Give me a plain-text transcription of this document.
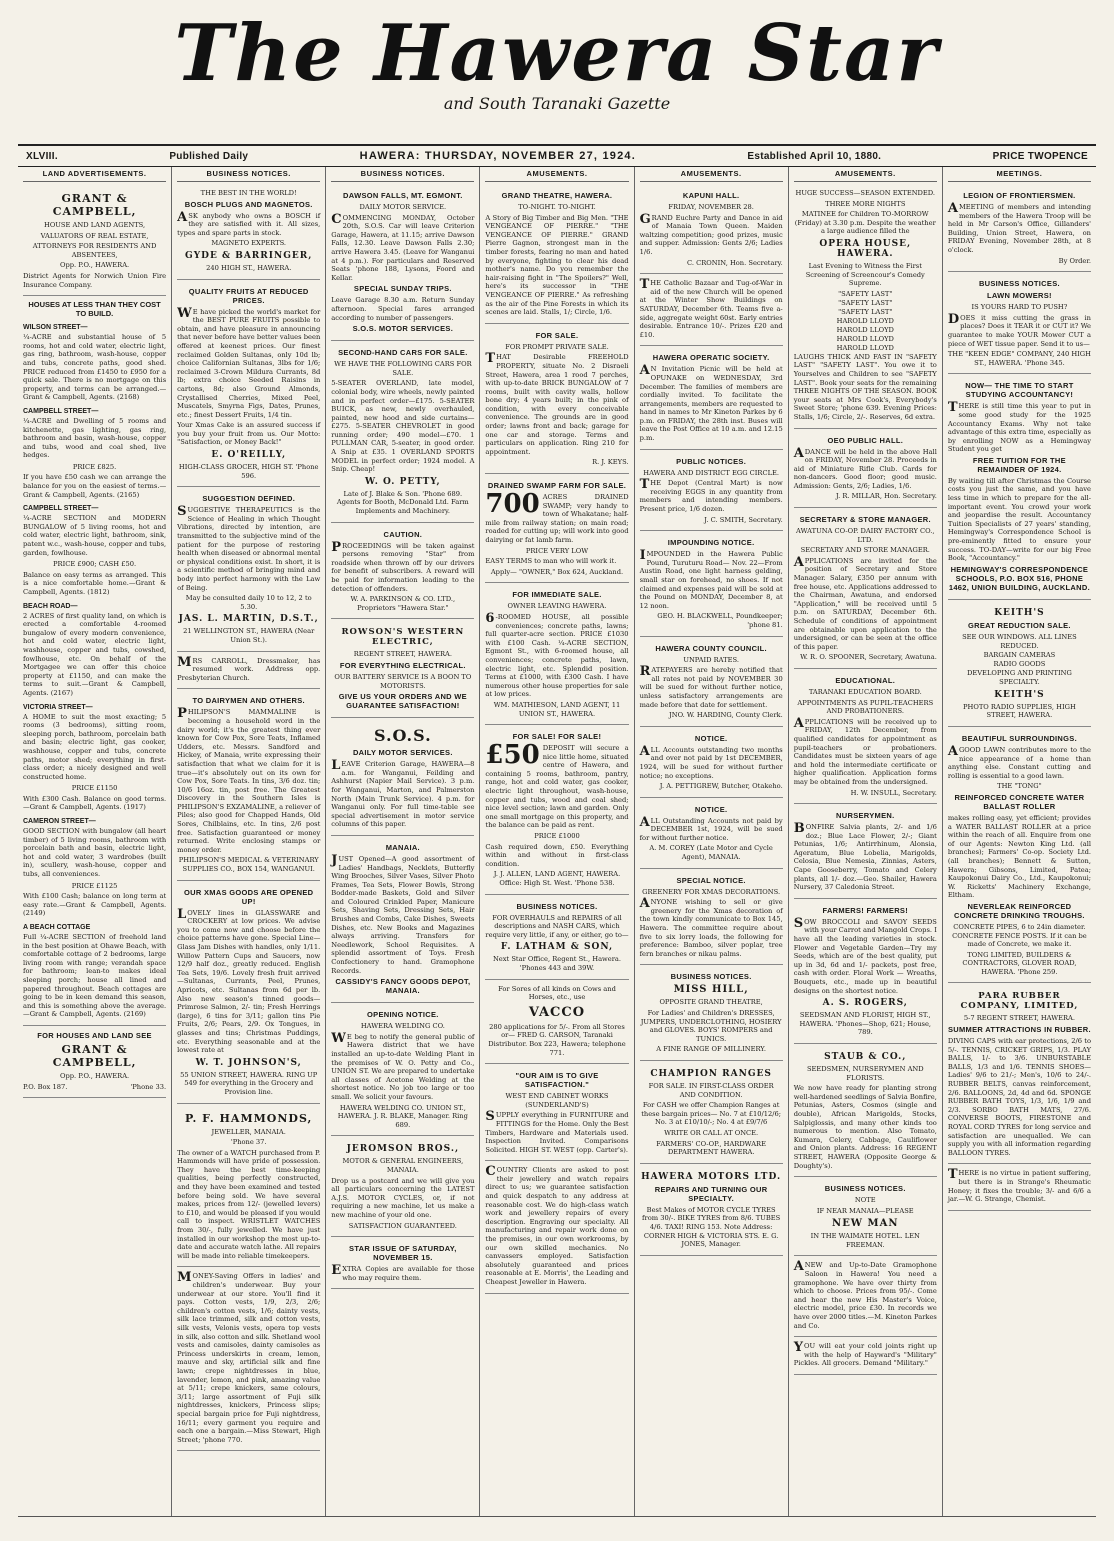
The Hawera Star
and South Taranaki Gazette
XLVIII.	Published Daily	HAWERA: THURSDAY, NOVEMBER 27, 1924.	Established April 10, 1880.	PRICE TWOPENCE
LAND ADVERTISEMENTS.
GRANT & CAMPBELL,

HOUSE AND LAND AGENTS,

VALUATORS OF REAL ESTATE,

ATTORNEYS FOR RESIDENTS AND ABSENTEES,

Opp. P.O., HAWERA.

District Agents for Norwich Union Fire Insurance Company.

HOUSES AT LESS THAN THEY COST TO BUILD.
WILSON STREET—

¼-ACRE and substantial house of 5 rooms, hot and cold water, electric light, gas ring, bathroom, wash-house, copper and tubs, concrete paths, good shed. PRICE reduced from £1450 to £950 for a quick sale. There is no mortgage on this property, and terms can be arranged.—Grant & Campbell, Agents. (2168)

CAMPBELL STREET—

¼-ACRE and Dwelling of 5 rooms and kitchenette, gas lighting, gas ring, bathroom and basin, wash-house, copper and tubs, wood and coal shed, live hedges.

PRICE £825.

If you have £50 cash we can arrange the balance for you on the easiest of terms.—Grant & Campbell, Agents. (2165)

CAMPBELL STREET—

¼-ACRE SECTION and MODERN BUNGALOW of 5 living rooms, hot and cold water, electric light, bathroom, sink, patent w.c., wash-house, copper and tubs, garden, fowlhouse.

PRICE £900; CASH £50.

Balance on easy terms as arranged. This is a nice comfortable home.—Grant & Campbell, Agents. (1812)

BEACH ROAD—

2 ACRES of first quality land, on which is erected a comfortable 4-roomed bungalow of every modern convenience, hot and cold water, electric light, washhouse, copper and tubs, cowshed, fowlhouse, etc. On behalf of the Mortgagee we can offer this choice property at £1150, and can make the terms to suit.—Grant & Campbell, Agents. (2167)

VICTORIA STREET—

A HOME to suit the most exacting; 5 rooms (3 bedrooms), sitting room, sleeping porch, bathroom, porcelain bath and basin; electric light, gas cooker, washhouse, copper and tubs, concrete paths, motor shed; everything in first-class order; a nicely designed and well constructed home.

PRICE £1150

With £300 Cash. Balance on good terms.—Grant & Campbell, Agents. (1917)

CAMERON STREET—

GOOD SECTION with bungalow (all heart timber) of 5 living rooms, bathroom with porcelain bath and basin, electric light, hot and cold water, 3 wardrobes (built in), scullery, wash-house, copper and tubs, all conveniences.

PRICE £1125

With £100 Cash; balance on long term at easy rate.—Grant & Campbell, Agents. (2149)

A BEACH COTTAGE

Full ¼-ACRE SECTION of freehold land in the best position at Ohawe Beach, with comfortable cottage of 2 bedrooms, large living room with range; verandah space for bathroom; lean-to makes ideal sleeping porch; house all lined and papered throughout. Beach cottages are going to be in keen demand this season, and this is something above the average.—Grant & Campbell, Agents. (2169)

FOR HOUSES AND LAND SEE
GRANT & CAMPBELL,

Opp. P.O., HAWERA.

P.O. Box 187.	'Phone 33.

BUSINESS NOTICES.

THE BEST IN THE WORLD!

BOSCH PLUGS AND MAGNETOS.

ASK anybody who owns a BOSCH if they are satisfied with it. All sizes, types and spare parts in stock.

MAGNETO EXPERTS.

GYDE & BARRINGER,

240 HIGH ST., HAWERA.

QUALITY FRUITS AT REDUCED PRICES.

WE have picked the world's market for the BEST PURE FRUITS possible to obtain, and have pleasure in announcing that never before have better values been offered at keenest prices. Our finest reclaimed Golden Sultanas, only 10d lb; choice Californian Sultanas, 3lbs for 1/6; reclaimed 3-Crown Mildura Currants, 8d lb; extra choice Seeded Raisins in cartons, 8d; also Ground Almonds, Crystallised Cherries, Mixed Peel, Muscatels, Smyrna Figs, Dates, Prunes, etc.; finest Dessert Fruits, 1/4 tin.

Your Xmas Cake is an assured success if you buy your fruit from us. Our Motto: "Satisfaction, or Money Back!"

E. O'REILLY,

HIGH-CLASS GROCER, HIGH ST. 'Phone 596.

SUGGESTION DEFINED.

SUGGESTIVE THERAPEUTICS is the Science of Healing in which Thought Vibrations, directed by intention, are transmitted to the subjective mind of the patient for the purpose of restoring health when diseased or abnormal mental or physical conditions exist. In short, it is a scientific method of bringing mind and body into perfect harmony with the Law of Being.

May be consulted daily 10 to 12, 2 to 5.30.

JAS. L. MARTIN, D.S.T.,

21 WELLINGTON ST., HAWERA (Near Union St.).

MRS CARROLL, Dressmaker, has resumed work. Address opp. Presbyterian Church.

TO DAIRYMEN AND OTHERS.

PHILIPSON'S MAMMALINE is becoming a household word in the dairy world; it's the greatest thing ever known for Cow Pox, Sore Teats, Inflamed Udders, etc. Messrs. Sandford and Hickey, of Manaia, write expressing their satisfaction that what we claim for it is true—it's absolutely out on its own for Cow Pox, Sore Teats. In tins, 3/6 doz. tin; 10/6 16oz. tin, post free. The Greatest Discovery in the Southern Isles is PHILIPSON'S EXZAMALINE, a reliever of Piles; also good for Chapped Hands, Old Sores, Chilblains, etc. In tins, 2/6 post free. Satisfaction guaranteed or money returned. Write enclosing stamps or money order.

PHILIPSON'S MEDICAL & VETERINARY SUPPLIES CO., BOX 154, WANGANUI.

OUR XMAS GOODS ARE OPENED UP!

LOVELY lines in GLASSWARE and CROCKERY at low prices. We advise you to come now and choose before the choice patterns have gone. Special Line—Glass Jam Dishes with handles, only 1/11. Willow Pattern Cups and Saucers, now 12/9 half doz., greatly reduced. English Tea Sets, 19/6. Lovely fresh fruit arrived—Sultanas, Currants, Peel, Prunes, Apricots, etc. Sultanas from 6d per lb. Also new season's tinned goods—Primrose Salmon, 2/- tin; Fresh Herrings (large), 6 tins for 3/11; gallon tins Pie Fruits, 2/6; Pears, 2/9. Ox Tongues, in glasses and tins; Christmas Puddings, etc. Everything seasonable and at the lowest rate at

W. T. JOHNSON'S,

55 UNION STREET, HAWERA. RING UP 549 for everything in the Grocery and Provision line.

P. F. HAMMONDS,

JEWELLER, MANAIA.

'Phone 37.

The owner of a WATCH purchased from P. Hammonds will have pride of possession. They have the best time-keeping qualities, being perfectly constructed, and they have been examined and tested before being sold. We have several makes, prices from 12/- (jewelled levers) to £10, and would be pleased if you would call to inspect. WRISTLET WATCHES from 30/-, fully jewelled. We have just installed in our workshop the most up-to-date and accurate watch lathe. All repairs will be made into reliable timekeepers.

MONEY-Saving Offers in ladies' and children's underwear. Buy your underwear at our store. You'll find it pays. Cotton vests, 1/9, 2/3, 2/6; children's cotton vests, 1/6; dainty vests, silk lace trimmed, silk and cotton vests, silk vests, Velonis vests, opera top vests in silk, also cotton and silk. Shetland wool vests and camisoles, dainty camisoles as Princess underskirts in cream, lemon, mauve and sky, artificial silk and fine lawn; crepe nightdresses in blue, lavender, lemon, and pink, amazing value at 5/11; crepe knickers, same colours, 3/11; large assortment of Fuji silk nightdresses, knickers, Princess slips; special bargain price for Fuji nightdress, 16/11; every garment you require and each one a bargain.—Miss Stewart, High Street; 'phone 770.

BUSINESS NOTICES.
DAWSON FALLS, MT. EGMONT.

DAILY MOTOR SERVICE.

COMMENCING MONDAY, October 20th, S.O.S. Car will leave Criterion Garage, Hawera, at 11.15; arrive Dawson Falls, 12.30. Leave Dawson Falls 2.30; arrive Hawera 3.45. (Leave for Wanganui at 4 p.m.). For particulars and Reserved Seats 'phone 188, Lysons, Foord and Kellar.

SPECIAL SUNDAY TRIPS.

Leave Garage 8.30 a.m. Return Sunday afternoon. Special fares arranged according to number of passengers.

S.O.S. MOTOR SERVICES.
SECOND-HAND CARS FOR SALE.

WE HAVE THE FOLLOWING CARS FOR SALE.

5-SEATER OVERLAND, late model, colonial body, wire wheels, newly painted and in perfect order—£175. 5-SEATER BUICK, as new, newly overhauled, painted, new hood and side curtains—£275. 5-SEATER CHEVROLET in good running order; 490 model—£70. 1 PULLMAN CAR, 5-seater, in good order. A Snip at £35. 1 OVERLAND SPORTS MODEL in perfect order; 1924 model. A Snip. Cheap!

W. O. PETTY,

Late of J. Blake & Son. 'Phone 689. Agents for Booth, McDonald Ltd. Farm Implements and Machinery.

CAUTION.

PROCEEDINGS will be taken against persons removing "Star" from roadside when thrown off by our drivers for benefit of subscribers. A reward will be paid for information leading to the detection of offenders.

W. A. PARKINSON & CO. LTD., Proprietors "Hawera Star."

ROWSON'S WESTERN ELECTRIC,

REGENT STREET, HAWERA.

FOR EVERYTHING ELECTRICAL.

OUR BATTERY SERVICE IS A BOON TO MOTORISTS.

GIVE US YOUR ORDERS AND WE GUARANTEE SATISFACTION!
S.O.S.
DAILY MOTOR SERVICES.

LEAVE Criterion Garage, HAWERA—8 a.m. for Wanganui, Feilding and Ashhurst (Napier Mail Service). 3 p.m. for Wanganui, Marton, and Palmerston North (Main Trunk Service). 4 p.m. for Wanganui only. For full time-table see special advertisement in motor service columns of this paper.

MANAIA.

JUST Opened—A good assortment of Ladies' Handbags, Necklets, Butterfly Wing Brooches, Silver Vases, Silver Photo Frames, Tea Sets, Flower Bowls, Strong Bodder-made Baskets, Gold and Silver and Coloured Crinkled Paper, Manicure Sets, Shaving Sets, Dressing Sets, Hair Brushes and Combs, Cake Dishes, Sweets Dishes, etc. New Books and Magazines always arriving. Transfers for Needlework, School Requisites. A splendid assortment of Toys. Fresh Confectionery to hand. Gramophone Records.

CASSIDY'S FANCY GOODS DEPOT, MANAIA.
OPENING NOTICE.

HAWERA WELDING CO.

WE beg to notify the general public of Hawera district that we have installed an up-to-date Welding Plant in the premises of W. O. Petty and Co., UNION ST. We are prepared to undertake all classes of Acetone Welding at the shortest notice. No job too large or too small. We solicit your favours.

HAWERA WELDING CO. UNION ST., HAWERA. J. R. BLAKE, Manager. Ring 689.

JEROMSON BROS.,

MOTOR & GENERAL ENGINEERS, MANAIA.

Drop us a postcard and we will give you all particulars concerning the LATEST A.J.S. MOTOR CYCLES, or, if not requiring a new machine, let us make a new machine of your old one.

SATISFACTION GUARANTEED.

STAR ISSUE OF SATURDAY, NOVEMBER 15.

EXTRA Copies are available for those who may require them.

AMUSEMENTS.
GRAND THEATRE, HAWERA.

TO-NIGHT. TO-NIGHT.

A Story of Big Timber and Big Men. "THE VENGEANCE OF PIERRE." "THE VENGEANCE OF PIERRE." GRAND Pierre Gagnon, strongest man in the timber forests, fearing no man and hated by everyone, fighting to clear his dead mother's name. Do you remember the hair-raising fight in "The Spoilers?" Well, here's its successor in "THE VENGEANCE OF PIERRE." As refreshing as the air of the Pine Forests in which its scenes are laid. Stalls, 1/; Circle, 1/6.

FOR SALE.

FOR PROMPT PRIVATE SALE.

THAT Desirable FREEHOLD PROPERTY, situate No. 2 Disraeli Street, Hawera, area 1 rood 7 perches, with up-to-date BRICK BUNGALOW of 7 rooms, built with cavity walls, hollow bone dry; 4 years built; in the pink of condition, with every conceivable convenience. The grounds are in good order; lawns front and back; garage for one car and storage. Terms and particulars on application. Ring 210 for appointment.

R. J. KEYS.

DRAINED SWAMP FARM FOR SALE.

700 ACRES DRAINED SWAMP; very handy to town of Whakatane; half-mile from railway station; on main road; roaded for cutting up; will work into good dairying or fat lamb farm.

PRICE VERY LOW

EASY TERMS to man who will work it.

Apply— "OWNER," Box 624, Auckland.

FOR IMMEDIATE SALE.

OWNER LEAVING HAWERA.

6-ROOMED HOUSE, all possible conveniences; concrete paths, lawns; full quarter-acre section. PRICE £1030 with £100 Cash. ¼-ACRE SECTION, Egmont St., with 6-roomed house, all conveniences; concrete paths, lawn, electric light, etc. Splendid position. Terms at £1000, with £300 Cash. I have numerous other house properties for sale at low prices.

WM. MATHIESON, LAND AGENT, 11 UNION ST., HAWERA.

FOR SALE! FOR SALE!

£50 DEPOSIT will secure a nice little home, situated centre of Hawera, and containing 5 rooms, bathroom, pantry, range, hot and cold water, gas cooker, electric light throughout, wash-house, copper and tubs, wood and coal shed; nice level section; lawn and garden. Only one small mortgage on this property, and the balance can be paid as rent.

PRICE £1000

Cash required down, £50. Everything within and without in first-class condition.

J. J. ALLEN, LAND AGENT, HAWERA. Office: High St. West. 'Phone 538.

BUSINESS NOTICES.

FOR OVERHAULS and REPAIRS of all descriptions and NASH CARS, which require very little, if any, or either, go to—

F. LATHAM & SON,

Next Star Office, Regent St., Hawera. 'Phones 443 and 39W.

For Sores of all kinds on Cows and Horses, etc., use

VACCO

280 applications for 5/-. From all Stores or— FRED G. CARSON, Taranaki Distributor. Box 223, Hawera; telephone 771.

"OUR AIM IS TO GIVE SATISFACTION."

WEST END CABINET WORKS (SUNDERLAND'S)

SUPPLY everything in FURNITURE and FITTINGS for the Home. Only the Best Timbers, Hardware and Materials used. Inspection Invited. Comparisons Solicited. HIGH ST. WEST (opp. Carter's).

COUNTRY Clients are asked to post their jewellery and watch repairs direct to us; we guarantee satisfaction and quick despatch to any address at reasonable cost. We do high-class watch work and jewellery repairs of every description. Engraving our specialty. All manufacturing and repair work done on the premises, in our own workrooms, by our own skilled mechanics. No canvassers employed. Satisfaction absolutely guaranteed and prices reasonable at E. Morris', the Leading and Cheapest Jeweller in Hawera.

AMUSEMENTS.
KAPUNI HALL.

FRIDAY, NOVEMBER 28.

GRAND Euchre Party and Dance in aid of Manaia Town Queen. Maiden waltzing competition; good prizes, music and supper. Admission: Gents 2/6; Ladies 1/6.

C. CRONIN, Hon. Secretary.

THE Catholic Bazaar and Tug-of-War in aid of the new Church will be opened at the Winter Show Buildings on SATURDAY, December 6th. Teams five a-side, aggregate weight 60st. Early entries desirable. Entrance 10/-. Prizes £20 and £10.

HAWERA OPERATIC SOCIETY.

AN Invitation Picnic will be held at OPUNAKE on WEDNESDAY, 3rd December. The families of members are cordially invited. To facilitate the arrangements, members are requested to hand in names to Mr Kineton Parkes by 6 p.m. on FRIDAY, the 28th inst. Buses will leave the Post Office at 10 a.m. and 12.15 p.m.

PUBLIC NOTICES.

HAWERA AND DISTRICT EGG CIRCLE.

THE Depot (Central Mart) is now receiving EGGS in any quantity from members and intending members. Present price, 1/6 dozen.

J. C. SMITH, Secretary.

IMPOUNDING NOTICE.

IMPOUNDED in the Hawera Public Pound, Turuturu Road— Nov. 22—From Austin Road, one light harness gelding, small star on forehead, no shoes. If not claimed and expenses paid will be sold at the Pound on MONDAY, December 8, at 12 noon.

GEO. H. BLACKWELL, Poundkeeper; 'phone 81.

HAWERA COUNTY COUNCIL.

UNPAID RATES.

RATEPAYERS are hereby notified that all rates not paid by NOVEMBER 30 will be sued for without further notice, unless satisfactory arrangements are made before that date for settlement.

JNO. W. HARDING, County Clerk.

NOTICE.

ALL Accounts outstanding two months and over not paid by 1st DECEMBER, 1924, will be sued for without further notice; no exceptions.

J. A. PETTIGREW, Butcher, Otakeho.

NOTICE.

ALL Outstanding Accounts not paid by DECEMBER 1st, 1924, will be sued for without further notice.

A. M. COREY (Late Motor and Cycle Agent), MANAIA.

SPECIAL NOTICE.

GREENERY FOR XMAS DECORATIONS.

ANYONE wishing to sell or give greenery for the Xmas decoration of the town kindly communicate to Box 145, Hawera. The committee require about five to six lorry loads, the following for preference: Bamboo, silver poplar, tree fern branches or nikau palms.

BUSINESS NOTICES.
MISS HILL,

OPPOSITE GRAND THEATRE,

For Ladies' and Children's DRESSES, JUMPERS, UNDERCLOTHING, HOSIERY and GLOVES. BOYS' ROMPERS and TUNICS.

A FINE RANGE OF MILLINERY.

CHAMPION RANGES

FOR SALE. IN FIRST-CLASS ORDER AND CONDITION.

For CASH we offer Champion Ranges at these bargain prices— No. 7 at £10/12/6; No. 3 at £10/10/-; No. 4 at £9/7/6

WRITE OR CALL AT ONCE.

FARMERS' CO-OP., HARDWARE DEPARTMENT HAWERA.

HAWERA MOTORS LTD.
REPAIRS AND TURNING OUR SPECIALTY.

Best Makes of MOTOR CYCLE TYRES from 30/-. BIKE TYRES from 8/6. TUBES 4/6. TAXI! RING 153. Note Address: CORNER HIGH & VICTORIA STS. E. G. JONES, Manager.

AMUSEMENTS.

HUGE SUCCESS—SEASON EXTENDED.

THREE MORE NIGHTS

MATINEE for Children TO-MORROW (Friday) at 3.30 p.m. Despite the weather a large audience filled the

OPERA HOUSE, HAWERA.

Last Evening to Witness the First Screening of Screencour's Comedy Supreme.

"SAFETY LAST"
"SAFETY LAST"
"SAFETY LAST"
HAROLD LLOYD
HAROLD LLOYD
HAROLD LLOYD
HAROLD LLOYD

LAUGHS THICK AND FAST IN "SAFETY LAST" "SAFETY LAST". You owe it to Yourselves and Children to see "SAFETY LAST". Book your seats for the remaining THREE NIGHTS OF THE SEASON. BOOK your seats at Mrs Cook's, Everybody's Sweet Store; 'phone 639. Evening Prices: Stalls, 1/6; Circle, 2/-. Reserves, 6d extra.

OEO PUBLIC HALL.

ADANCE will be held in the above Hall on FRIDAY, November 28. Proceeds in aid of Miniature Rifle Club. Cards for non-dancers. Good floor; good music. Admission: Gents, 2/6; Ladies, 1/6.

J. R. MILLAR, Hon. Secretary.

SECRETARY & STORE MANAGER.

AWATUNA CO-OP. DAIRY FACTORY CO., LTD.

SECRETARY AND STORE MANAGER.

APPLICATIONS are invited for the position of Secretary and Store Manager. Salary, £350 per annum with free house, etc. Applications addressed to the Chairman, Awatuna, and endorsed "Application," will be received until 5 p.m. on SATURDAY, December 6th. Schedule of conditions of appointment are obtainable upon application to the undersigned, or can be seen at the office of this paper.

W. R. O. SPOONER, Secretary, Awatuna.

EDUCATIONAL.

TARANAKI EDUCATION BOARD.

APPOINTMENTS AS PUPIL-TEACHERS AND PROBATIONERS.

APPLICATIONS will be received up to FRIDAY, 12th December, from qualified candidates for appointment as pupil-teachers or probationers. Candidates must be sixteen years of age and hold the intermediate certificate or higher qualification. Application forms may be obtained from the undersigned.

H. W. INSULL, Secretary.

NURSERYMEN.

BONFIRE Salvia plants, 2/- and 1/6 doz.; Blue Lace Flower, 2/-; Giant Petunias, 1/6; Antirrhinum, Alonsia, Ageratum, Blue Lobelia, Marigolds, Celosia, Blue Nemesia, Zinnias, Asters, Cape Gooseberry, Tomato and Celery plants, all 1/- doz.—Geo. Shailer, Hawera Nursery, 37 Caledonia Street.

FARMERS! FARMERS!

SOW BROCCOLI and SAVOY SEEDS with your Carrot and Mangold Crops. I have all the leading varieties in stock. Flower and Vegetable Garden—Try my Seeds, which are of the best quality, put up in 3d, 6d and 1/- packets, post free, cash with order. Floral Work — Wreaths, Bouquets, etc., made up in beautiful designs on the shortest notice.

A. S. ROGERS,

SEEDSMAN AND FLORIST, HIGH ST., HAWERA. 'Phones—Shop, 621; House, 789.

STAUB & CO.,

SEEDSMEN, NURSERYMEN AND FLORISTS.

We now have ready for planting strong well-hardened seedlings of Salvia Bonfire, Petunias, Asters, Cosmos (single and double), African Marigolds, Stocks, Salpiglossis, and many other kinds too numerous to mention. Also Tomato, Kumara, Celery, Cabbage, Cauliflower and Onion plants. Address: 16 REGENT STREET, HAWERA (Opposite George & Doughty's).

BUSINESS NOTICES.

NOTE

IF NEAR MANAIA—PLEASE

NEW MAN

IN THE WAIMATE HOTEL. LEN FREEMAN.

ANEW and Up-to-Date Gramophone Saloon in Hawera! You need a gramophone. We have over thirty from which to choose. Prices from 95/-. Come and hear the new His Master's Voice, electric model, price £30. In records we have over 2000 titles.—M. Kineton Parkes and Co.

YOU will eat your cold joints right up with the help of Hayward's "Military" Pickles. All grocers. Demand "Military."

MEETINGS.
LEGION OF FRONTIERSMEN.

AMEETING of members and intending members of the Hawera Troop will be held in Mr Carson's Office, Gillanders' Building, Union Street, Hawera, on FRIDAY Evening, November 28th, at 8 o'clock.

By Order.

BUSINESS NOTICES.
LAWN MOWERS!

IS YOURS HARD TO PUSH?

DOES it miss cutting the grass in places? Does it TEAR it or CUT it? We guarantee to make YOUR Mower CUT a piece of WET tissue paper. Send it to us—

THE "KEEN EDGE" COMPANY, 240 HIGH ST., HAWERA. 'Phone 345.

NOW— THE TIME TO START STUDYING ACCOUNTANCY!

THERE is still time this year to put in some good study for the 1925 Accountancy Exams. Why not take advantage of this extra time, especially as by enrolling NOW as a Hemingway Student you get

FREE TUITION FOR THE REMAINDER OF 1924.

By waiting till after Christmas the Course costs you just the same, and you have less time in which to prepare for the all-important event. You crowd your work and jeopardise the result. Accountancy Tuition Specialists of 27 years' standing, Hemingway's Correspondence School is pre-eminently fitted to ensure your success. TO-DAY—write for our big Free Book, "Accountancy."

HEMINGWAY'S CORRESPONDENCE SCHOOLS, P.O. BOX 516, PHONE 1462, UNION BUILDING, AUCKLAND.
KEITH'S
GREAT REDUCTION SALE.
SEE OUR WINDOWS. ALL LINES
REDUCED.
BARGAIN CAMERAS
RADIO GOODS
DEVELOPING AND PRINTING
SPECIALTY.
KEITH'S

PHOTO RADIO SUPPLIES, HIGH STREET, HAWERA.

BEAUTIFUL SURROUNDINGS.

AGOOD LAWN contributes more to the nice appearance of a home than anything else. Constant cutting and rolling is essential to a good lawn.

THE "TONG"

REINFORCED CONCRETE WATER BALLAST ROLLER

makes rolling easy, yet efficient; provides a WATER BALLAST ROLLER at a price within the reach of all. Enquire from one of our Agents: Newton King Ltd. (all branches); Farmers' Co-op. Society Ltd. (all branches); Bennett & Sutton, Hawera; Gibsons, Limited, Patea; Kaupokonui Dairy Co., Ltd., Kaupokonui; W. Ricketts' Machinery Exchange, Eltham.

NEVERLEAK REINFORCED CONCRETE DRINKING TROUGHS.

CONCRETE PIPES, 6 to 24in diameter. CONCRETE FENCE POSTS. If it can be made of Concrete, we make it.

TONG LIMITED, BUILDERS & CONTRACTORS, GLOVER ROAD, HAWERA. 'Phone 259.

PARA RUBBER COMPANY, LIMITED,

5-7 REGENT STREET, HAWERA.

SUMMER ATTRACTIONS IN RUBBER.

DIVING CAPS with ear protections, 2/6 to 5/-. TENNIS, CRICKET GRIPS, 1/3. PLAY BALLS, 1/- to 3/6. UNBURSTABLE BALLS, 1/3 and 1/6. TENNIS SHOES—Ladies' 9/6 to 21/-; Men's, 10/6 to 24/-. RUBBER BELTS, canvas reinforcement, 2/6. BALLOONS, 2d, 4d and 6d. SPONGE RUBBER BATH TOYS, 1/3, 1/6, 1/9 and 2/3. SORBO BATH MATS, 27/6. CONVERSE BOOTS, FIRESTONE and ROYAL CORD TYRES for long service and satisfaction are unequalled. We can supply you with all information regarding BALLOON TYRES.

THERE is no virtue in patient suffering, but there is in Strange's Rheumatic Honey; it fixes the trouble; 3/- and 6/6 a jar.—W. G. Strange, Chemist.
